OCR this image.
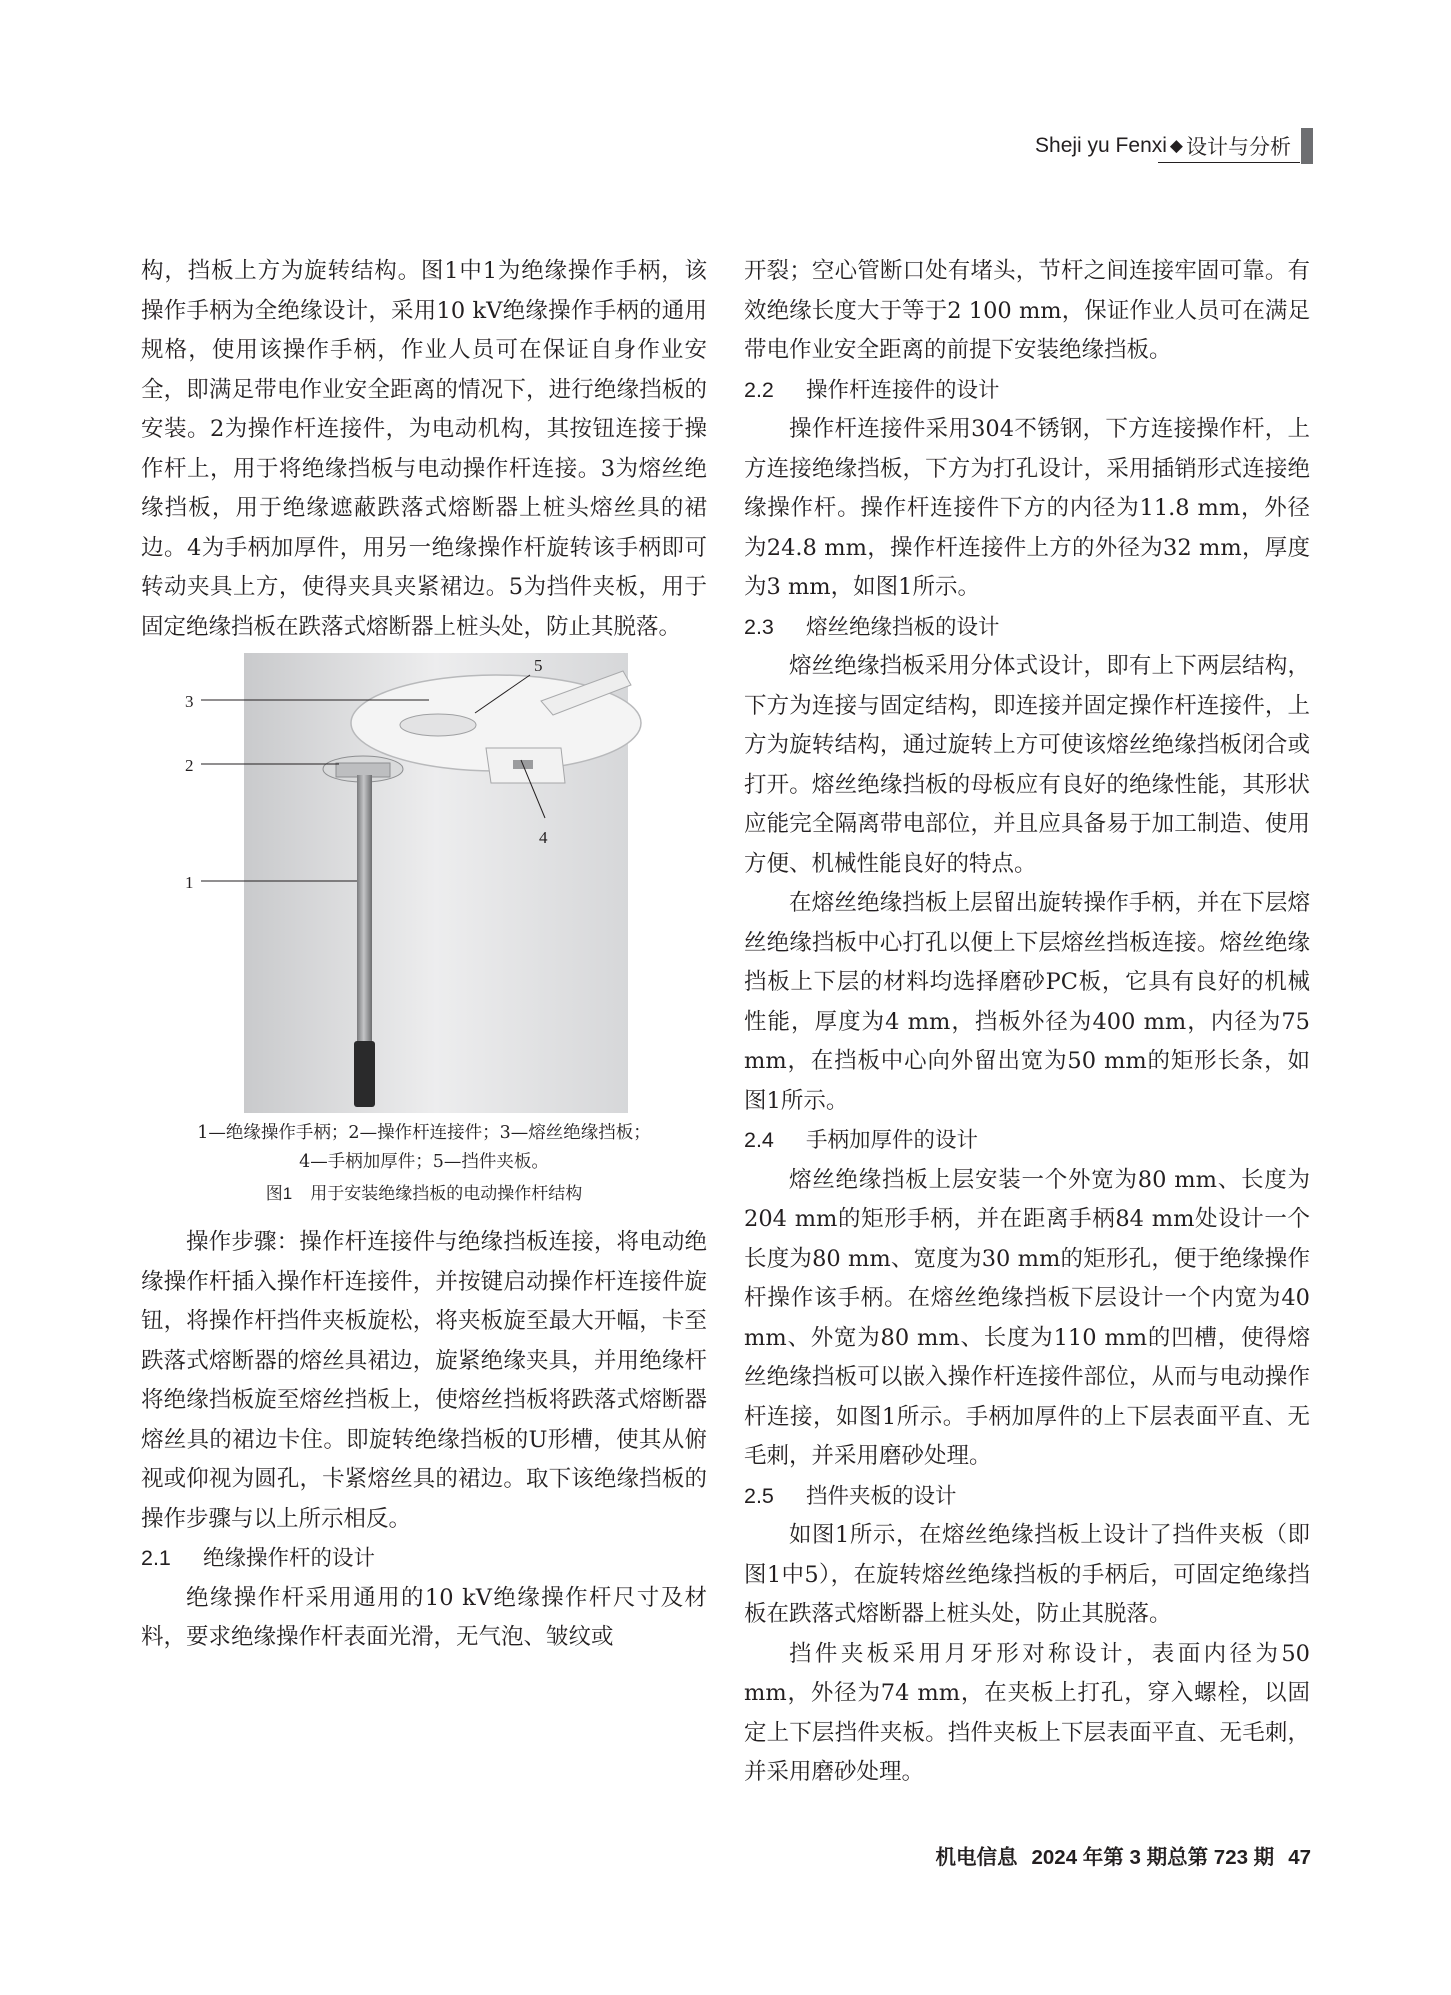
Sheji yu Fenxi ◆ 设计与分析

构，挡板上方为旋转结构。图1中1为绝缘操作手柄，该操作手柄为全绝缘设计，采用10 kV绝缘操作手柄的通用规格，使用该操作手柄，作业人员可在保证自身作业安全，即满足带电作业安全距离的情况下，进行绝缘挡板的安装。2为操作杆连接件，为电动机构，其按钮连接于操作杆上，用于将绝缘挡板与电动操作杆连接。3为熔丝绝缘挡板，用于绝缘遮蔽跌落式熔断器上桩头熔丝具的裙边。4为手柄加厚件，用另一绝缘操作杆旋转该手柄即可转动夹具上方，使得夹具夹紧裙边。5为挡件夹板，用于固定绝缘挡板在跌落式熔断器上桩头处，防止其脱落。

3
2
1
4
5
1—绝缘操作手柄；2—操作杆连接件；3—熔丝绝缘挡板；
4—手柄加厚件；5—挡件夹板。
图1 用于安装绝缘挡板的电动操作杆结构

操作步骤：操作杆连接件与绝缘挡板连接，将电动绝缘操作杆插入操作杆连接件，并按键启动操作杆连接件旋钮，将操作杆挡件夹板旋松，将夹板旋至最大开幅，卡至跌落式熔断器的熔丝具裙边，旋紧绝缘夹具，并用绝缘杆将绝缘挡板旋至熔丝挡板上，使熔丝挡板将跌落式熔断器熔丝具的裙边卡住。即旋转绝缘挡板的U形槽，使其从俯视或仰视为圆孔，卡紧熔丝具的裙边。取下该绝缘挡板的操作步骤与以上所示相反。

2.1 绝缘操作杆的设计

绝缘操作杆采用通用的10 kV绝缘操作杆尺寸及材料，要求绝缘操作杆表面光滑，无气泡、皱纹或

开裂；空心管断口处有堵头，节杆之间连接牢固可靠。有效绝缘长度大于等于2 100 mm，保证作业人员可在满足带电作业安全距离的前提下安装绝缘挡板。

2.2 操作杆连接件的设计

操作杆连接件采用304不锈钢，下方连接操作杆，上方连接绝缘挡板，下方为打孔设计，采用插销形式连接绝缘操作杆。操作杆连接件下方的内径为11.8 mm，外径为24.8 mm，操作杆连接件上方的外径为32 mm，厚度为3 mm，如图1所示。

2.3 熔丝绝缘挡板的设计

熔丝绝缘挡板采用分体式设计，即有上下两层结构，下方为连接与固定结构，即连接并固定操作杆连接件，上方为旋转结构，通过旋转上方可使该熔丝绝缘挡板闭合或打开。熔丝绝缘挡板的母板应有良好的绝缘性能，其形状应能完全隔离带电部位，并且应具备易于加工制造、使用方便、机械性能良好的特点。

在熔丝绝缘挡板上层留出旋转操作手柄，并在下层熔丝绝缘挡板中心打孔以便上下层熔丝挡板连接。熔丝绝缘挡板上下层的材料均选择磨砂PC板，它具有良好的机械性能，厚度为4 mm，挡板外径为400 mm，内径为75 mm，在挡板中心向外留出宽为50 mm的矩形长条，如图1所示。

2.4 手柄加厚件的设计

熔丝绝缘挡板上层安装一个外宽为80 mm、长度为204 mm的矩形手柄，并在距离手柄84 mm处设计一个长度为80 mm、宽度为30 mm的矩形孔，便于绝缘操作杆操作该手柄。在熔丝绝缘挡板下层设计一个内宽为40 mm、外宽为80 mm、长度为110 mm的凹槽，使得熔丝绝缘挡板可以嵌入操作杆连接件部位，从而与电动操作杆连接，如图1所示。手柄加厚件的上下层表面平直、无毛刺，并采用磨砂处理。

2.5 挡件夹板的设计

如图1所示，在熔丝绝缘挡板上设计了挡件夹板（即图1中5），在旋转熔丝绝缘挡板的手柄后，可固定绝缘挡板在跌落式熔断器上桩头处，防止其脱落。

挡件夹板采用月牙形对称设计，表面内径为50 mm，外径为74 mm，在夹板上打孔，穿入螺栓，以固定上下层挡件夹板。挡件夹板上下层表面平直、无毛刺，并采用磨砂处理。

机电信息 2024 年第 3 期总第 723 期 47
